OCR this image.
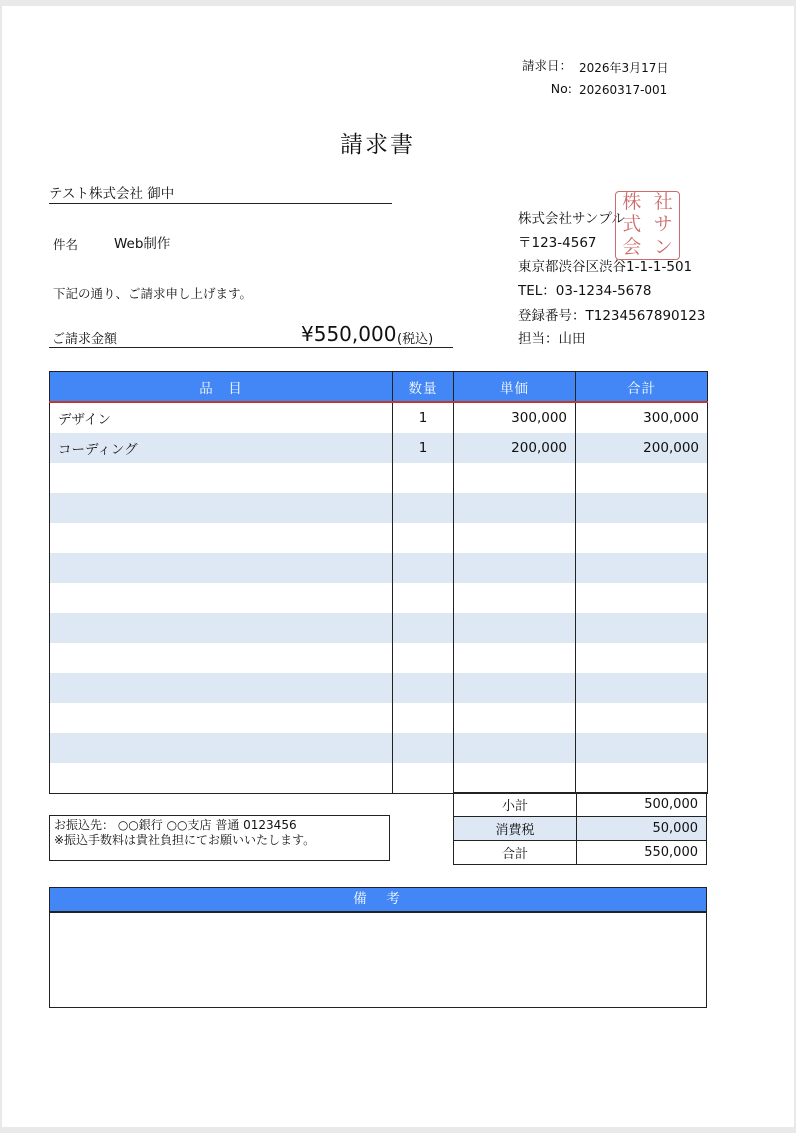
請求日： 2026年3月17日
No: 20260317-001
請求書
テスト株式会社 御中
件名	Web制作
下記の通り、ご請求申し上げます。
ご請求金額	¥550,000 (税込)
株式会社サンプル
〒123-4567
東京都渋谷区渋谷1-1-1-501
TEL：03-1234-5678
登録番号：T1234567890123
担当：山田
株 社
式 サ
会 ン
品　目	数量	単価	合計
デザイン	1	300,000	300,000
コーディング	1	200,000	200,000

お振込先： ○○銀行 ○○支店 普通 0123456
※振込手数料は貴社負担にてお願いいたします。
小計	500,000
消費税	50,000
合計	550,000
備　考
